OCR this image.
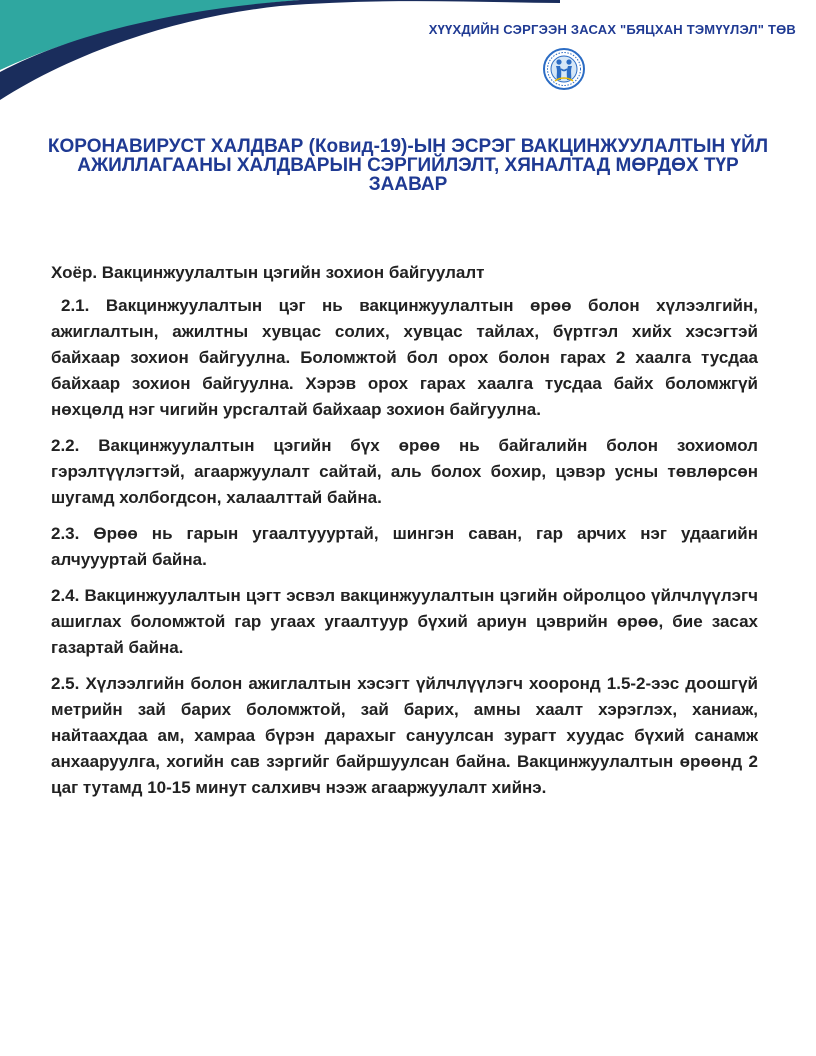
ХҮҮХДИЙН СЭРГЭЭН ЗАСАХ "БЯЦХАН ТЭМҮҮЛЭЛ" ТӨВ
КОРОНАВИРУСТ ХАЛДВАР (Ковид-19)-ЫН ЭСРЭГ ВАКЦИНЖУУЛАЛТЫН ҮЙЛ АЖИЛЛАГААНЫ ХАЛДВАРЫН СЭРГИЙЛЭЛТ, ХЯНАЛТАД МӨРДӨХ ТҮР ЗААВАР

Хоёр. Вакцинжуулалтын цэгийн зохион байгуулалт

2.1. Вакцинжуулалтын цэг нь вакцинжуулалтын өрөө болон хүлээлгийн, ажиглалтын, ажилтны хувцас солих, хувцас тайлах, бүртгэл хийх хэсэгтэй байхаар зохион байгуулна. Боломжтой бол орох болон гарах 2 хаалга тусдаа байхаар зохион байгуулна. Хэрэв орох гарах хаалга тусдаа байх боломжгүй нөхцөлд нэг чигийн урсгалтай байхаар зохион байгуулна.

2.2. Вакцинжуулалтын цэгийн бүх өрөө нь байгалийн болон зохиомол гэрэлтүүлэгтэй, агааржуулалт сайтай, аль болох бохир, цэвэр усны төвлөрсөн шугамд холбогдсон, халаалттай байна.

2.3. Өрөө нь гарын угаалтуууртай, шингэн саван, гар арчих нэг удаагийн алчуууртай байна.

2.4. Вакцинжуулалтын цэгт эсвэл вакцинжуулалтын цэгийн ойролцоо үйлчлүүлэгч ашиглах боломжтой гар угаах угаалтуур бүхий ариун цэврийн өрөө, бие засах газартай байна.

2.5. Хүлээлгийн болон ажиглалтын хэсэгт үйлчлүүлэгч хооронд 1.5-2-ээс доошгүй метрийн зай барих боломжтой, зай барих, амны хаалт хэрэглэх, ханиаж, найтаахдаа ам, хамраа бүрэн дарахыг сануулсан зурагт хуудас бүхий санамж анхааруулга, хогийн сав зэргийг байршуулсан байна. Вакцинжуулалтын өрөөнд 2 цаг тутамд 10-15 минут салхивч нээж агааржуулалт хийнэ.
